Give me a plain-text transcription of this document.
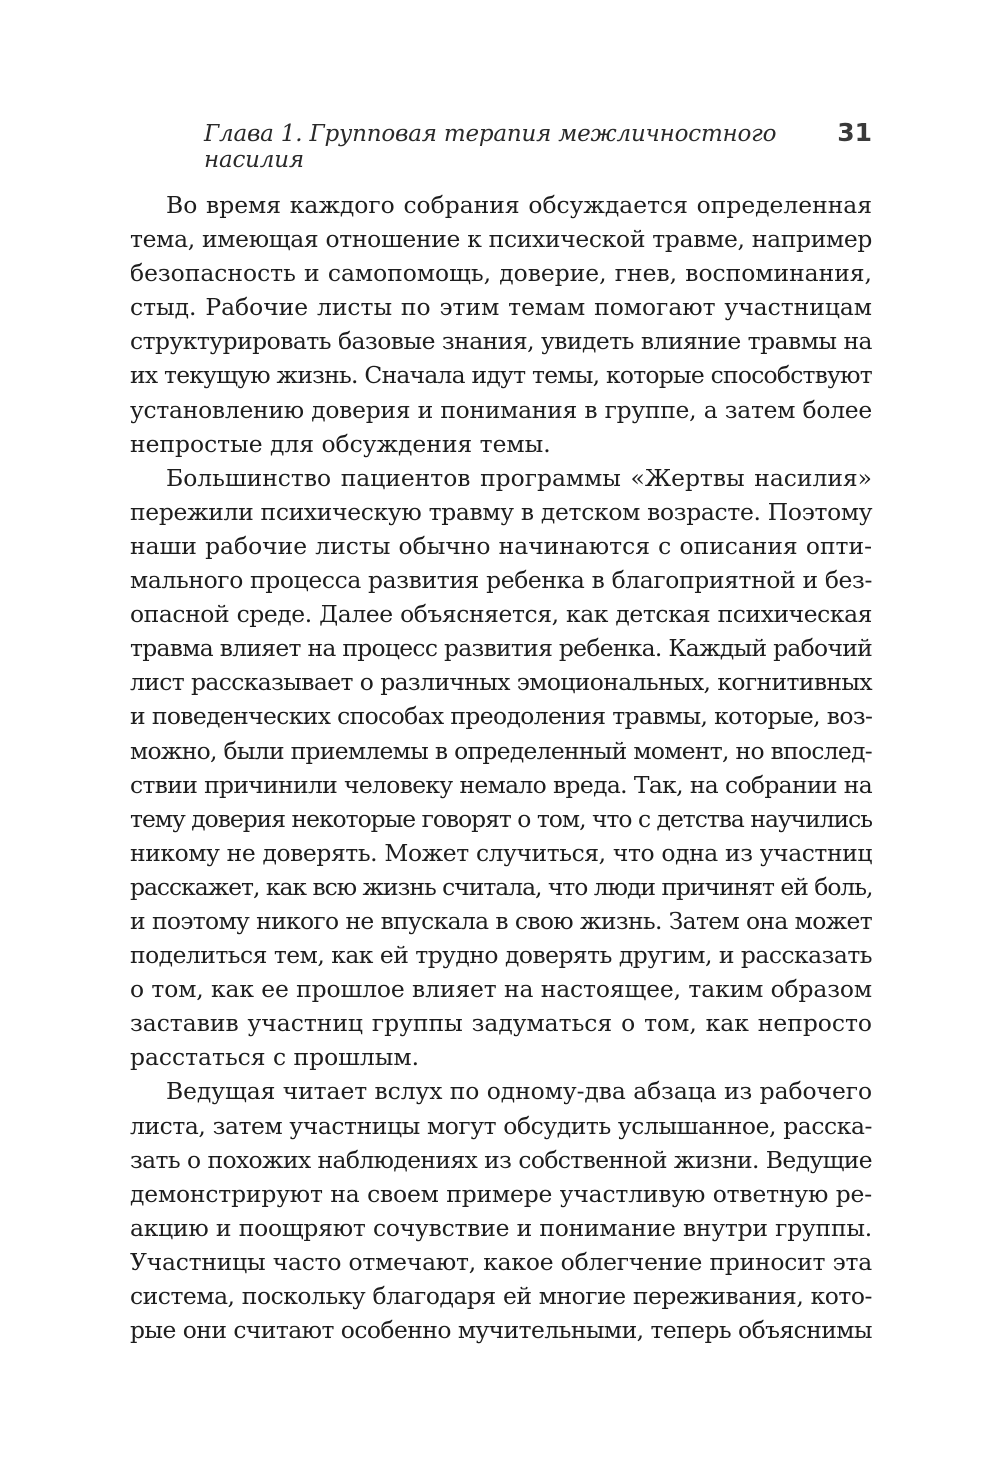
Глава 1. Групповая терапия межличностного насилия
31
Во время каждого собрания обсуждается определенная
тема, имеющая отношение к психической травме, например
безопасность и самопомощь, доверие, гнев, воспоминания,
стыд. Рабочие листы по этим темам помогают участницам
структурировать базовые знания, увидеть влияние травмы на
их текущую жизнь. Сначала идут темы, которые способствуют
установлению доверия и понимания в группе, а затем более
непростые для обсуждения темы.
Большинство пациентов программы «Жертвы насилия»
пережили психическую травму в детском возрасте. Поэтому
наши рабочие листы обычно начинаются с описания опти-
мального процесса развития ребенка в благоприятной и без-
опасной среде. Далее объясняется, как детская психическая
травма влияет на процесс развития ребенка. Каждый рабочий
лист рассказывает о различных эмоциональных, когнитивных
и поведенческих способах преодоления травмы, которые, воз-
можно, были приемлемы в определенный момент, но впослед-
ствии причинили человеку немало вреда. Так, на собрании на
тему доверия некоторые говорят о том, что с детства научились
никому не доверять. Может случиться, что одна из участниц
расскажет, как всю жизнь считала, что люди причинят ей боль,
и поэтому никого не впускала в свою жизнь. Затем она может
поделиться тем, как ей трудно доверять другим, и рассказать
о том, как ее прошлое влияет на настоящее, таким образом
заставив участниц группы задуматься о том, как непросто
расстаться с прошлым.
Ведущая читает вслух по одному-два абзаца из рабочего
листа, затем участницы могут обсудить услышанное, расска-
зать о похожих наблюдениях из собственной жизни. Ведущие
демонстрируют на своем примере участливую ответную ре-
акцию и поощряют сочувствие и понимание внутри группы.
Участницы часто отмечают, какое облегчение приносит эта
система, поскольку благодаря ей многие переживания, кото-
рые они считают особенно мучительными, теперь объяснимы
